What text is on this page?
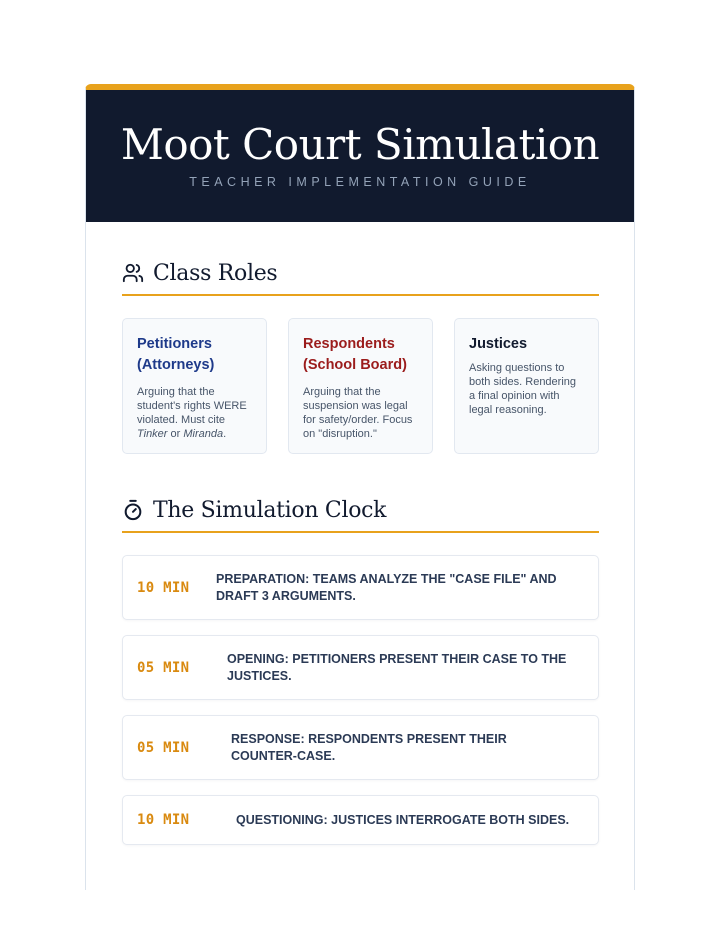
Moot Court Simulation
TEACHER IMPLEMENTATION GUIDE
Class Roles
Petitioners
(Attorneys)
Arguing that the student's rights WERE violated. Must cite Tinker or Miranda.
Respondents
(School Board)
Arguing that the suspension was legal for safety/order. Focus on "disruption."
Justices
Asking questions to both sides. Rendering a final opinion with legal reasoning.
The Simulation Clock
10 MIN
PREPARATION: TEAMS ANALYZE THE "CASE FILE" AND DRAFT 3 ARGUMENTS.
05 MIN
OPENING: PETITIONERS PRESENT THEIR CASE TO THE JUSTICES.
05 MIN
RESPONSE: RESPONDENTS PRESENT THEIR COUNTER-CASE.
10 MIN	QUESTIONING: JUSTICES INTERROGATE BOTH SIDES.
